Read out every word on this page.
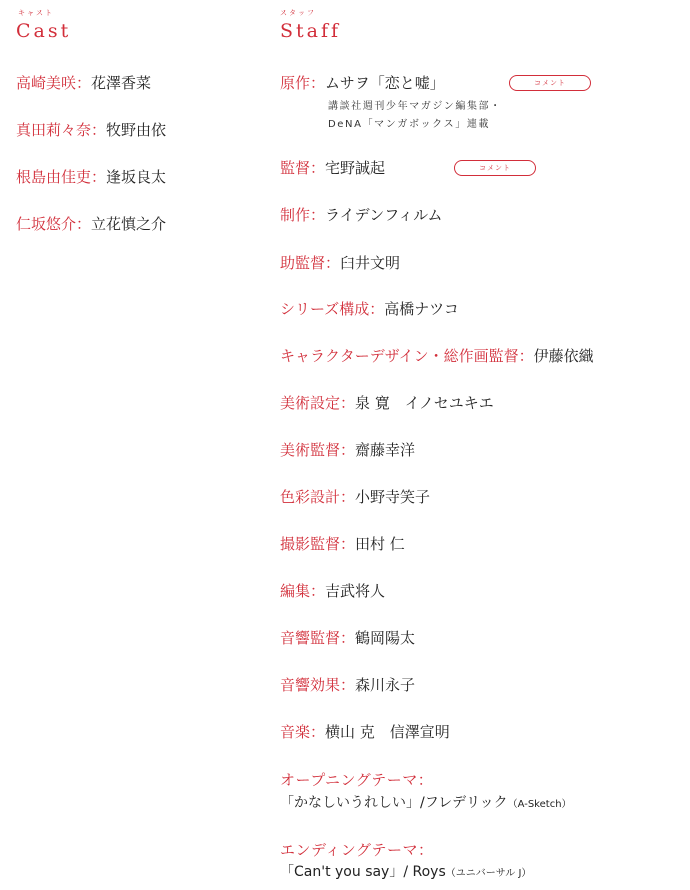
キャスト
Cast
高崎美咲：花澤香菜
真田莉々奈：牧野由依
根島由佳吏：逢坂良太
仁坂悠介：立花慎之介
スタッフ
Staff
原作：ムサヲ「恋と嘘」	コメント
講談社週刊少年マガジン編集部・
DeNA「マンガボックス」連載
監督：宅野誠起	コメント
制作：ライデンフィルム
助監督：臼井文明
シリーズ構成：高橋ナツコ
キャラクターデザイン・総作画監督：伊藤依織
美術設定：泉 寛　イノセユキエ
美術監督：齋藤幸洋
色彩設計：小野寺笑子
撮影監督：田村 仁
編集：吉武将人
音響監督：鶴岡陽太
音響効果：森川永子
音楽：横山 克　信澤宣明
オープニングテーマ：
「かなしいうれしい」/フレデリック（A-Sketch）
エンディングテーマ：
「Can't you say」/ Roys（ユニバーサル J）
